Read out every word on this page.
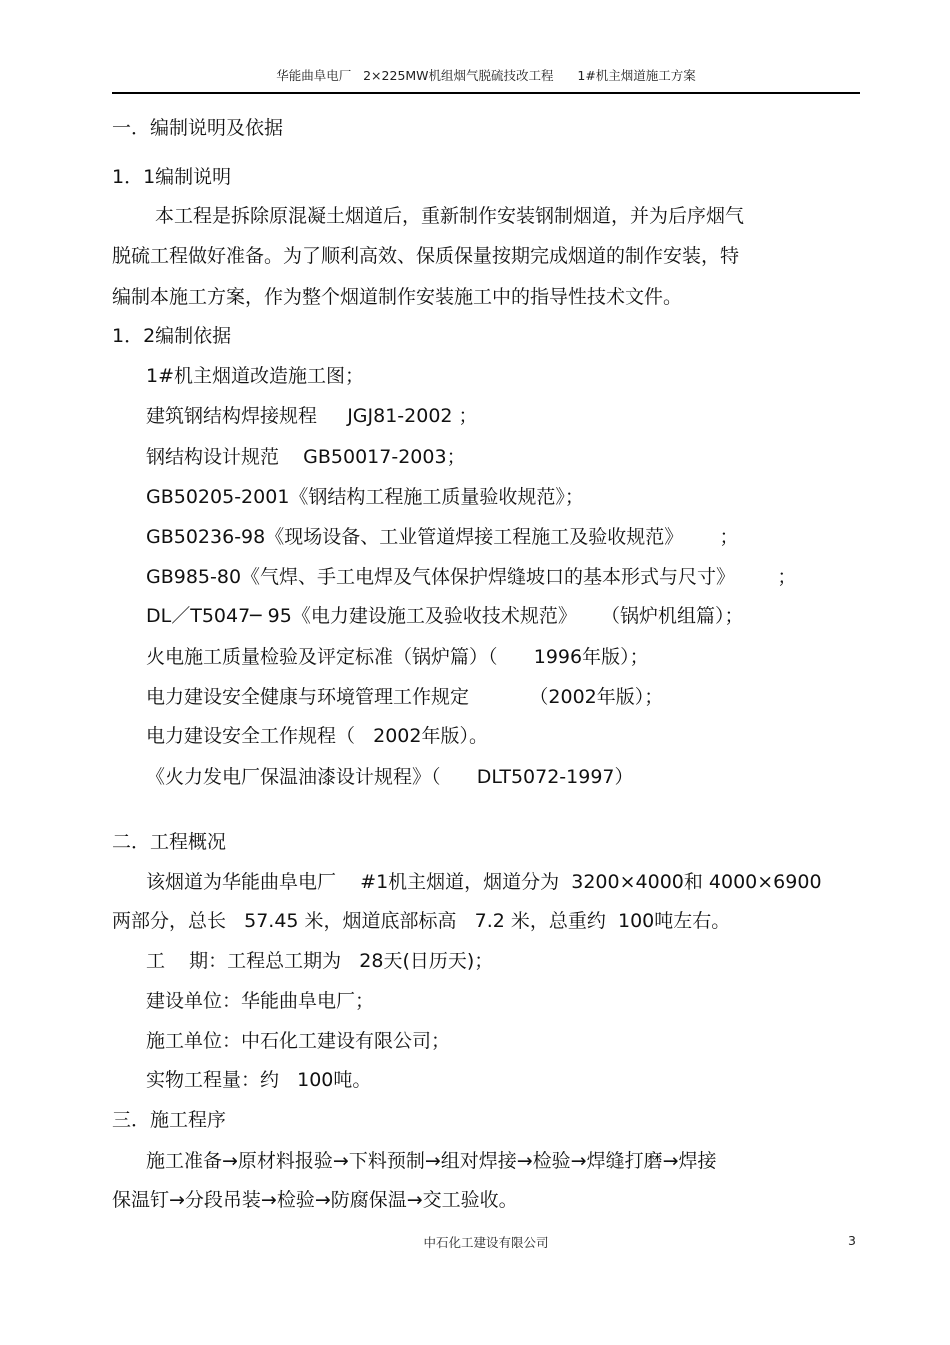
华能曲阜电厂   2×225MW机组烟气脱硫技改工程      1#机主烟道施工方案
一．编制说明及依据
1．1编制说明
本工程是拆除原混凝土烟道后，重新制作安装钢制烟道，并为后序烟气
脱硫工程做好准备。为了顺利高效、保质保量按期完成烟道的制作安装，特
编制本施工方案，作为整个烟道制作安装施工中的指导性技术文件。
1．2编制依据
1#机主烟道改造施工图；
建筑钢结构焊接规程     JGJ81-2002 ；
钢结构设计规范    GB50017-2003；
GB50205-2001《钢结构工程施工质量验收规范》；
GB50236-98《现场设备、工业管道焊接工程施工及验收规范》      ；
GB985-80《气焊、手工电焊及气体保护焊缝坡口的基本形式与尺寸》       ；
DL／T5047─ 95《电力建设施工及验收技术规范》    （锅炉机组篇）；
火电施工质量检验及评定标准（锅炉篇）（      1996年版）；
电力建设安全健康与环境管理工作规定          （2002年版）；
电力建设安全工作规程（   2002年版）。
《火力发电厂保温油漆设计规程》（      DLT5072-1997）
二．工程概况
该烟道为华能曲阜电厂    #1机主烟道，烟道分为  3200×4000和 4000×6900
两部分，总长   57.45 米，烟道底部标高   7.2 米，总重约  100吨左右。
工    期：工程总工期为   28天(日历天)；
建设单位：华能曲阜电厂；
施工单位：中石化工建设有限公司；
实物工程量：约   100吨。
三．施工程序
施工准备→原材料报验→下料预制→组对焊接→检验→焊缝打磨→焊接
保温钉→分段吊装→检验→防腐保温→交工验收。
中石化工建设有限公司	3
